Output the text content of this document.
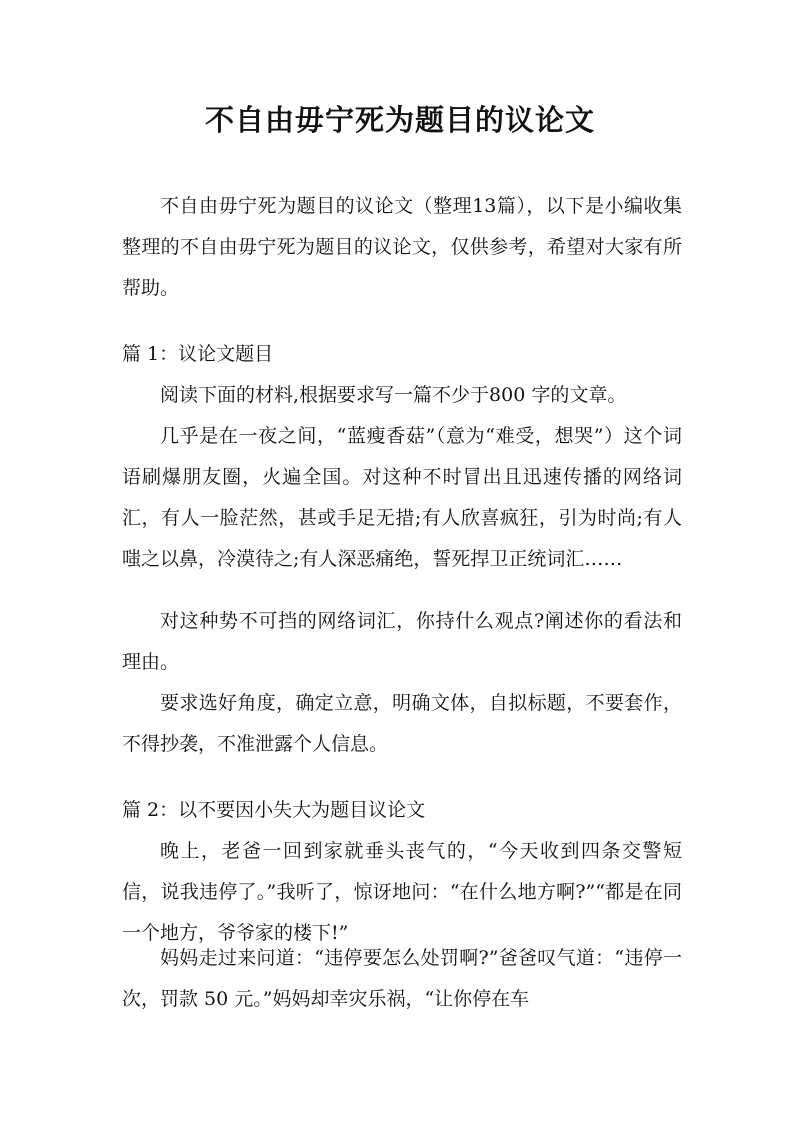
不自由毋宁死为题目的议论文

不自由毋宁死为题目的议论文（整理13篇），以下是小编收集整理的不自由毋宁死为题目的议论文，仅供参考，希望对大家有所帮助。

篇 1：议论文题目

阅读下面的材料,根据要求写一篇不少于800 字的文章。

几乎是在一夜之间，“蓝瘦香菇”（意为“难受，想哭”）这个词语刷爆朋友圈，火遍全国。对这种不时冒出且迅速传播的网络词汇，有人一脸茫然，甚或手足无措;有人欣喜疯狂，引为时尚;有人嗤之以鼻，冷漠待之;有人深恶痛绝，誓死捍卫正统词汇……

对这种势不可挡的网络词汇，你持什么观点?阐述你的看法和理由。

要求选好角度，确定立意，明确文体，自拟标题，不要套作，不得抄袭，不准泄露个人信息。

篇 2：以不要因小失大为题目议论文

晚上，老爸一回到家就垂头丧气的，“今天收到四条交警短信，说我违停了。”我听了，惊讶地问：“在什么地方啊?”“都是在同一个地方，爷爷家的楼下!”

妈妈走过来问道：“违停要怎么处罚啊?”爸爸叹气道：“违停一次，罚款 50 元。”妈妈却幸灾乐祸，“让你停在车
